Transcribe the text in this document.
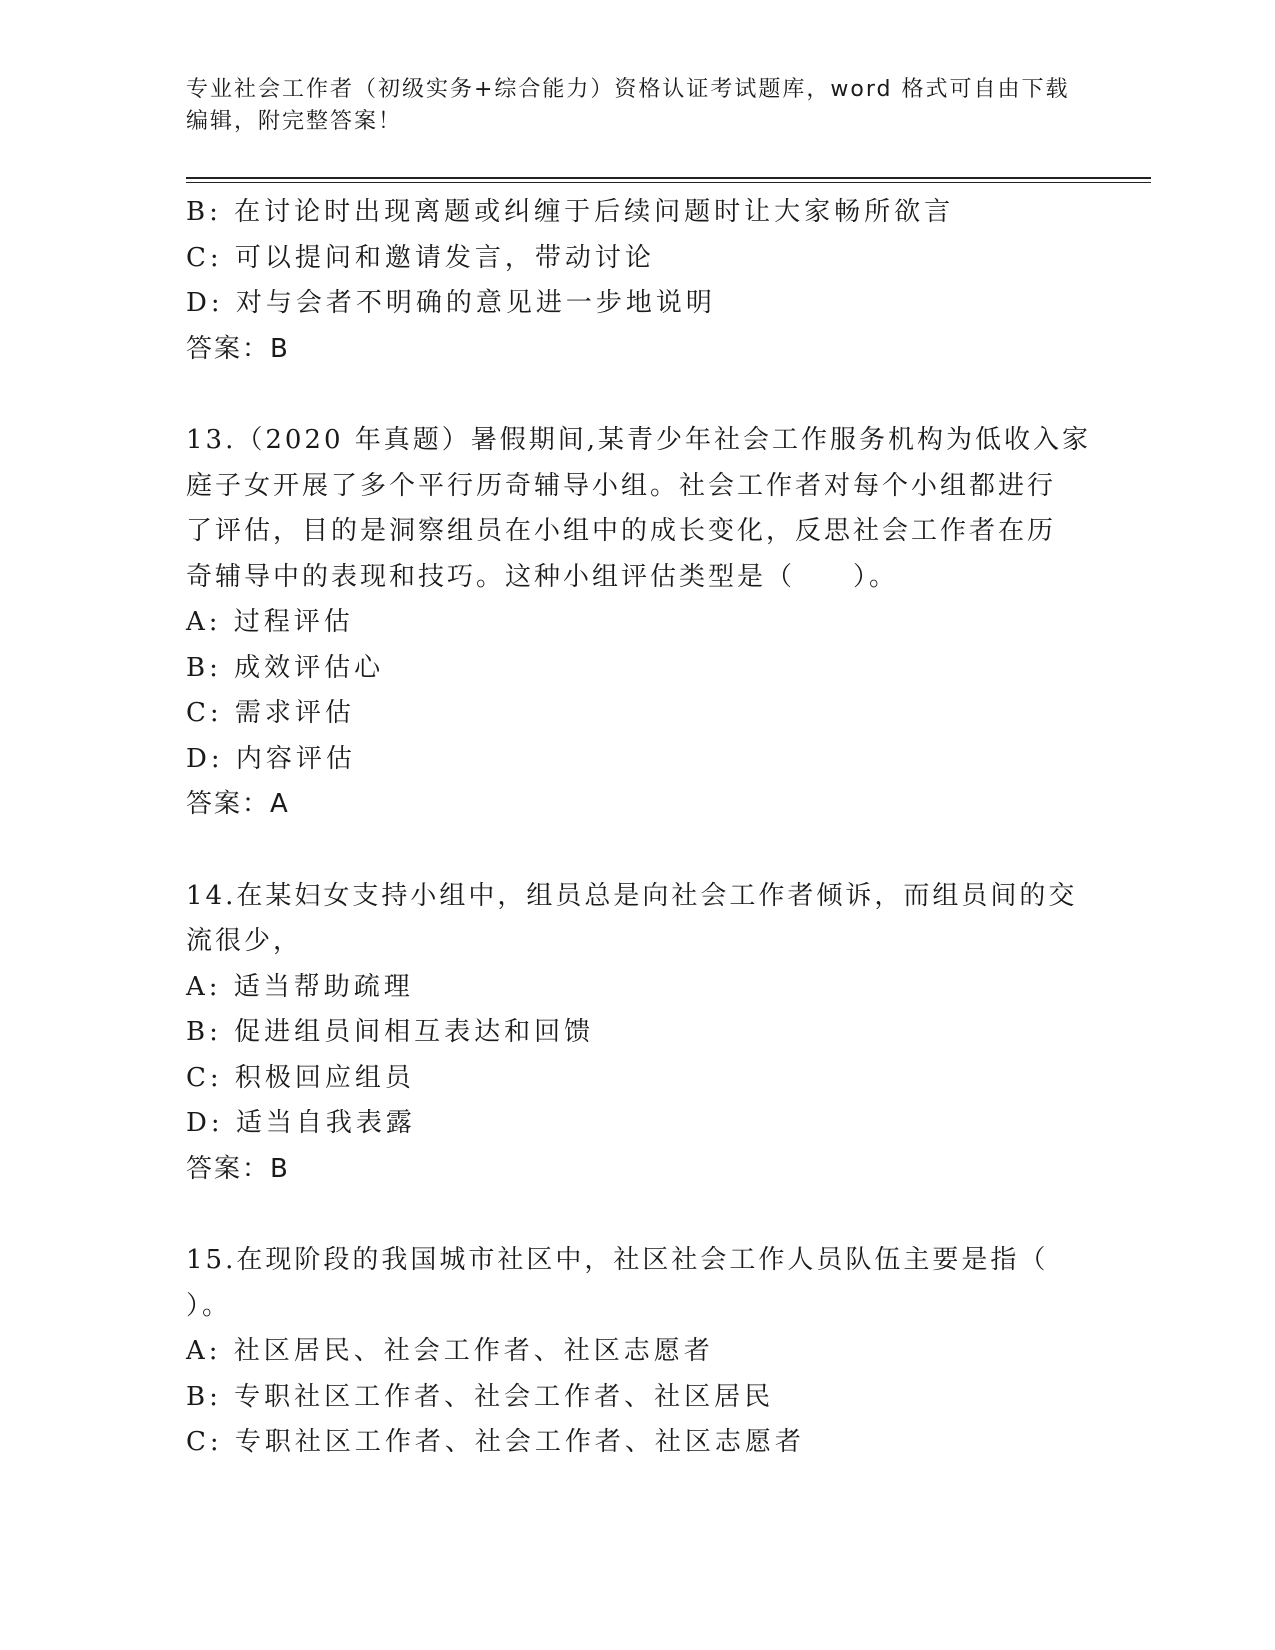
专业社会工作者（初级实务+综合能力）资格认证考试题库，word 格式可自由下载
编辑，附完整答案！
B: 在讨论时出现离题或纠缠于后续问题时让大家畅所欲言
C: 可以提问和邀请发言，带动讨论
D: 对与会者不明确的意见进一步地说明
答案：B
13.（2020 年真题）暑假期间,某青少年社会工作服务机构为低收入家
庭子女开展了多个平行历奇辅导小组。社会工作者对每个小组都进行
了评估，目的是洞察组员在小组中的成长变化，反思社会工作者在历
奇辅导中的表现和技巧。这种小组评估类型是（　　）。
A: 过程评估
B: 成效评估心
C: 需求评估
D: 内容评估
答案：A
14.在某妇女支持小组中，组员总是向社会工作者倾诉，而组员间的交
流很少，
A: 适当帮助疏理
B: 促进组员间相互表达和回馈
C: 积极回应组员
D: 适当自我表露
答案：B
15.在现阶段的我国城市社区中，社区社会工作人员队伍主要是指（
）。
A: 社区居民、社会工作者、社区志愿者
B: 专职社区工作者、社会工作者、社区居民
C: 专职社区工作者、社会工作者、社区志愿者
